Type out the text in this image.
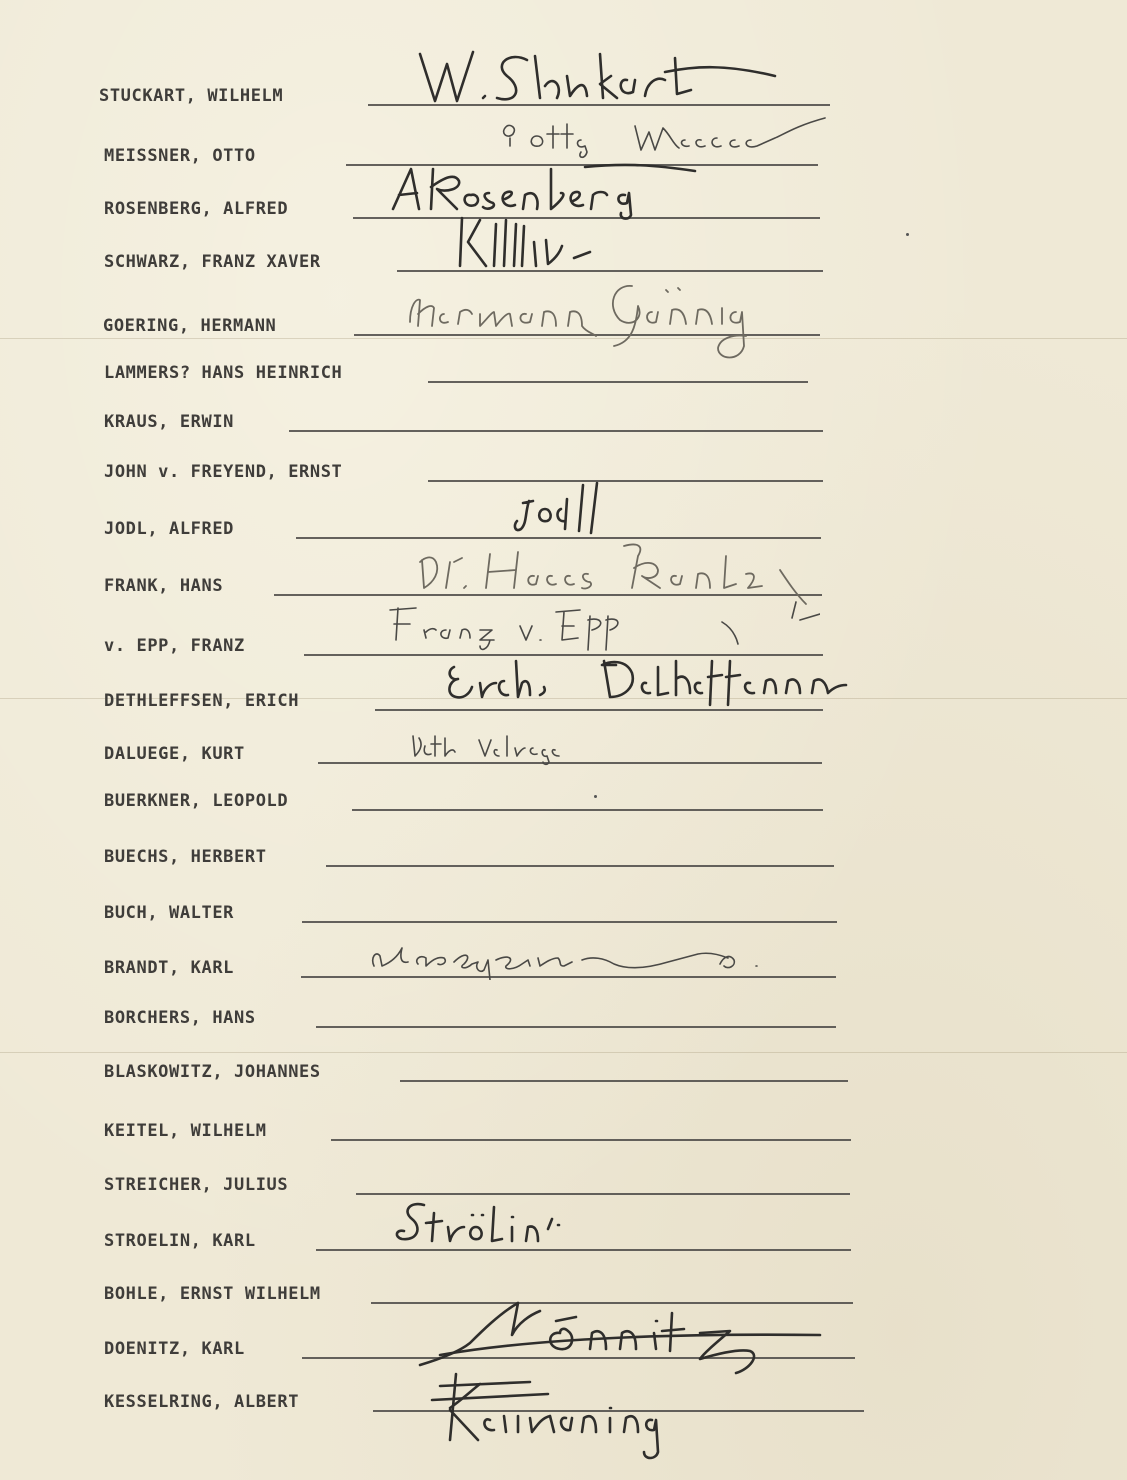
STUCKART, WILHELM
MEISSNER, OTTO
ROSENBERG, ALFRED
SCHWARZ, FRANZ XAVER
GOERING, HERMANN
LAMMERS? HANS HEINRICH
KRAUS, ERWIN
JOHN v. FREYEND, ERNST
JODL, ALFRED
FRANK, HANS
v. EPP, FRANZ
DETHLEFFSEN, ERICH
DALUEGE, KURT
BUERKNER, LEOPOLD
BUECHS, HERBERT
BUCH, WALTER
BRANDT, KARL
BORCHERS, HANS
BLASKOWITZ, JOHANNES
KEITEL, WILHELM
STREICHER, JULIUS
STROELIN, KARL
BOHLE, ERNST WILHELM
DOENITZ, KARL
KESSELRING, ALBERT
